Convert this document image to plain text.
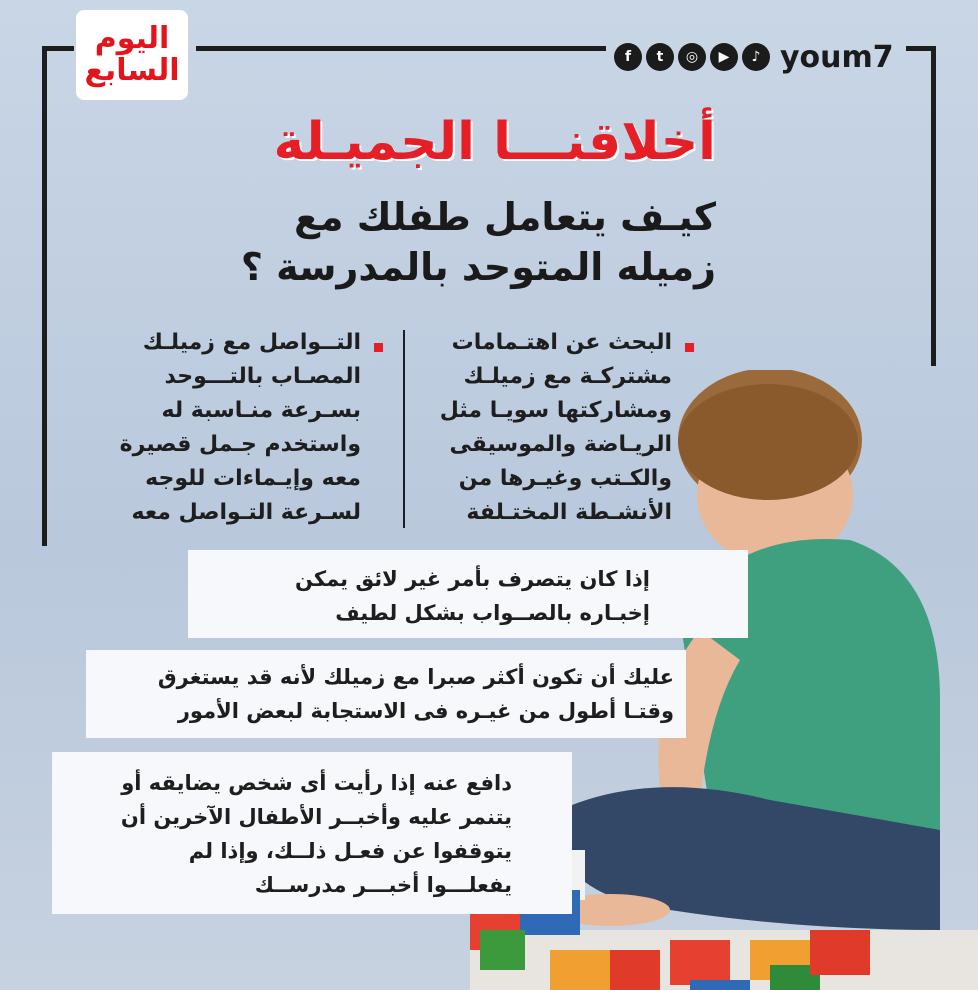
اليوم
السابع	f	t	◎	▶	♪ youm7
أخلاقنـــا الجميـلة
كيـف يتعامل طفلك مع
زميله المتوحد بالمدرسة ؟
البحث عن اهتـمامات
مشتركـة مع زميلـك
ومشاركتها سويـا مثل
الريـاضة والموسيقى
والكـتب وغيـرها من
الأنشـطة المختـلفة
التــواصل مع زميلـك
المصـاب بالتـــوحد
بسـرعة منـاسبة له
واستخدم جـمل قصيرة
معه وإيـماءات للوجه
لسـرعة التـواصل معه
إذا كان يتصرف بأمر غير لائق يمكن
إخبـاره بالصــواب بشكل لطيف
عليك أن تكون أكثر صبرا مع زميلك لأنه قد يستغرق
وقتـا أطول من غيـره فى الاستجابة لبعض الأمور
دافع عنه إذا رأيت أى شخص يضايقه أو
يتنمر عليه وأخبــر الأطفال الآخرين أن
يتوقفوا عن فعـل ذلــك، وإذا لم
يفعلـــوا أخبـــر مدرســك
